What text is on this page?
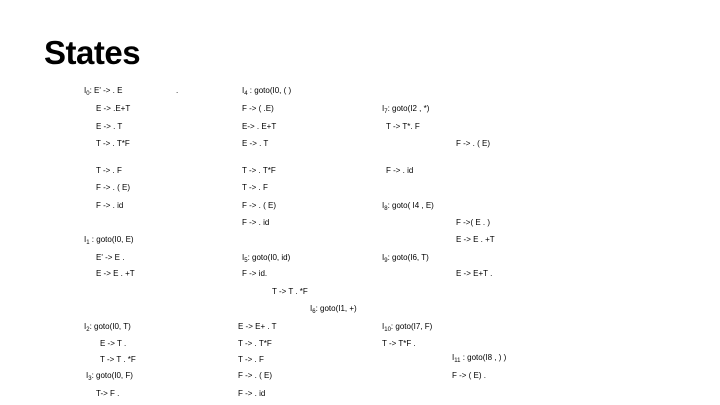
States
$I_0$: E' -> . E	.	$I_4$ : goto(I0, ( )
E -> .E+T	F -> ( .E)	$I_7$: goto(I2 , *)
E -> . T	E-> . E+T	T -> T*. F
T -> . T*F	E -> . T	F -> . ( E)
T -> . F	T -> . T*F	F -> . id
F -> . ( E)	T -> . F
F -> . id	F -> . ( E)	$I_8$: goto( I4 , E)
F -> . id	F ->( E . )
$I_1$ : goto(I0, E)	E -> E . +T
E' -> E .	$I_5$: goto(I0, id)	$I_9$: goto(I6, T)
E -> E . +T	F -> id.	E -> E+T .
T -> T . *F
$I_6$: goto(I1, +)
$I_2$: goto(I0, T)	E -> E+ . T	$I_{10}$: goto(I7, F)
E -> T .	T -> . T*F	T -> T*F .
T -> T . *F	T -> . F	$I_{11}$ : goto(I8 , ) )
$I_3$: goto(I0, F)	F -> . ( E)	F -> ( E) .
T-> F .	F -> . id
